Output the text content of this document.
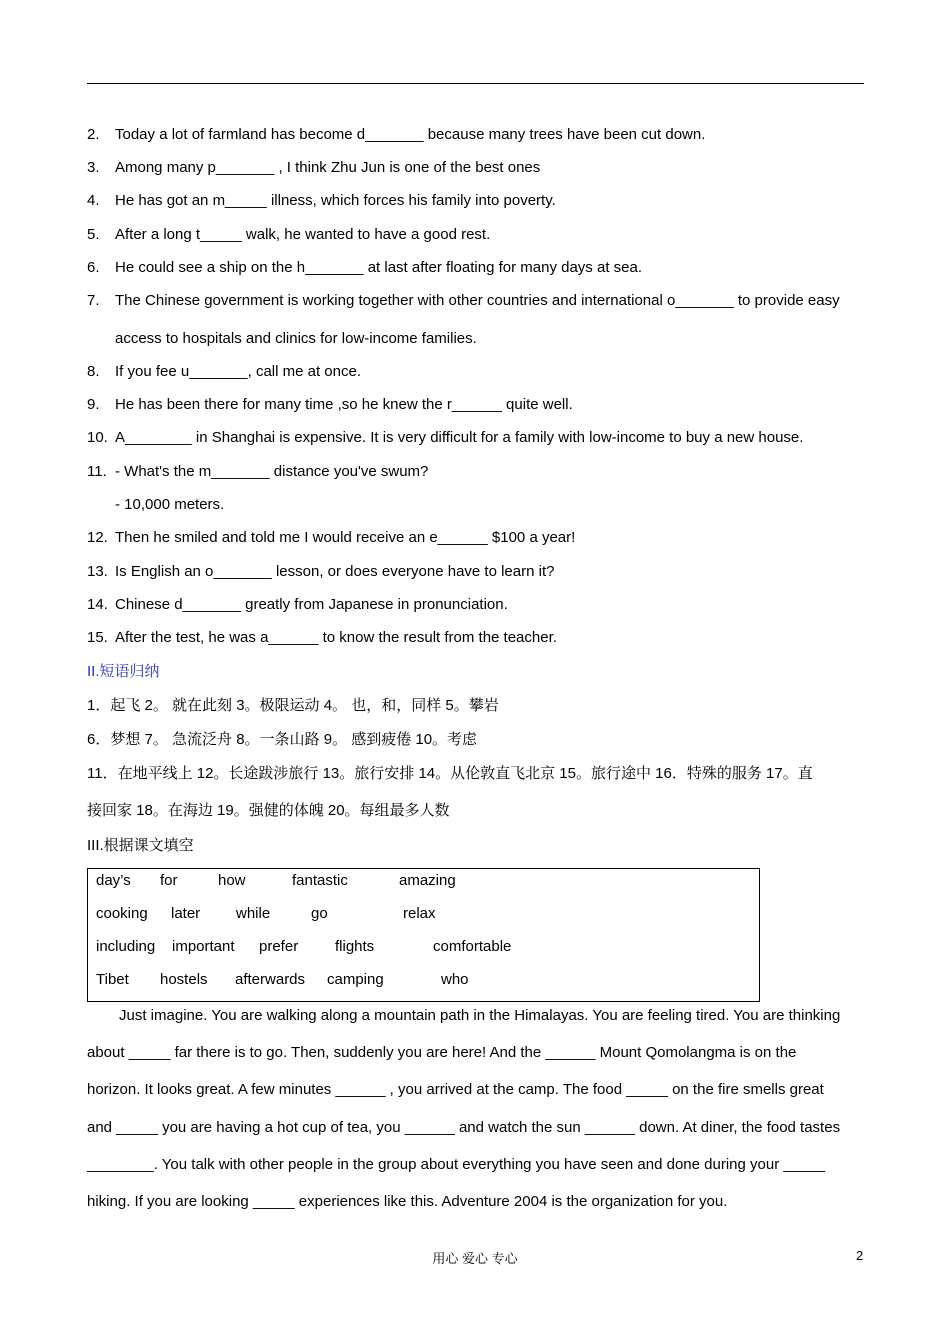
2. Today a lot of farmland has become d_______ because many trees have been cut down.
3. Among many p_______ , I think Zhu Jun is one of the best ones
4. He has got an m_____ illness, which forces his family into poverty.
5. After a long t_____ walk, he wanted to have a good rest.
6. He could see a ship on the h_______ at last after floating for many days at sea.
7. The Chinese government is working together with other countries and international o_______ to provide easy
access to hospitals and clinics for low-income families.
8. If you fee u_______, call me at once.
9. He has been there for many time ,so he knew the r______ quite well.
10. A________ in Shanghai is expensive. It is very difficult for a family with low-income to buy a new house.
11. - What's the m_______ distance you've swum?
- 10,000 meters.
12. Then he smiled and told me I would receive an e______ $100 a year!
13. Is English an o_______ lesson, or does everyone have to learn it?
14. Chinese d_______ greatly from Japanese in pronunciation.
15. After the test, he was a______ to know the result from the teacher.
II.短语归纳
1．起飞 2。 就在此刻 3。极限运动 4。 也，和，同样 5。攀岩
6．梦想 7。 急流泛舟 8。一条山路 9。 感到疲倦 10。考虑
11．在地平线上 12。长途跋涉旅行 13。旅行安排 14。从伦敦直飞北京 15。旅行途中 16．特殊的服务 17。直
接回家 18。在海边 19。强健的体魄 20。每组最多人数
III.根据课文填空
day’s for	how	fantastic	amazing
cooking later while	go	relax
including important prefer flights	comfortable
Tibet hostels afterwards camping	who
Just imagine. You are walking along a mountain path in the Himalayas. You are feeling tired. You are thinking
about _____ far there is to go. Then, suddenly you are here! And the ______ Mount Qomolangma is on the
horizon. It looks great. A few minutes ______ , you arrived at the camp. The food _____ on the fire smells great
and _____ you are having a hot cup of tea, you ______ and watch the sun ______ down. At diner, the food tastes
________. You talk with other people in the group about everything you have seen and done during your _____
hiking. If you are looking _____ experiences like this. Adventure 2004 is the organization for you.
用心 爱心 专心	2
